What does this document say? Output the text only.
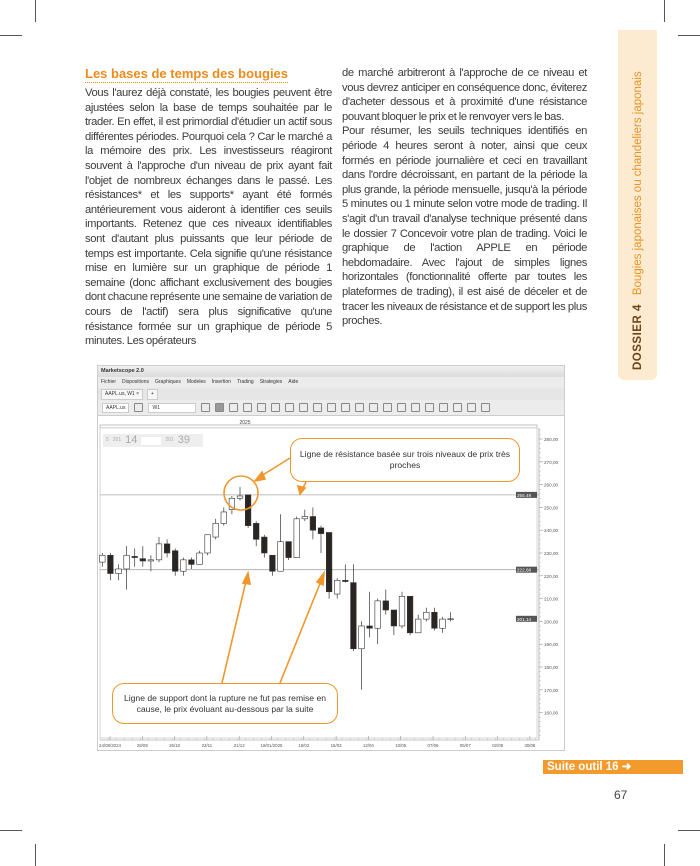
Les bases de temps des bougies

Vous l'aurez déjà constaté, les bougies peuvent être ajustées selon la base de temps souhaitée par le trader. En effet, il est primordial d'étudier un actif sous différentes périodes. Pourquoi cela ? Car le marché a la mémoire des prix. Les investisseurs réagiront souvent à l'approche d'un niveau de prix ayant fait l'objet de nombreux échanges dans le passé. Les résistances* et les supports* ayant été formés antérieurement vous aideront à identifier ces seuils importants. Retenez que ces niveaux identifiables sont d'autant plus puissants que leur période de temps est importante. Cela signifie qu'une résistance mise en lumière sur un graphique de période 1 semaine (donc affichant exclusivement des bougies dont chacune représente une semaine de variation de cours de l'actif) sera plus significative qu'une résistance formée sur un graphique de période 5 minutes. Les opérateurs

de marché arbitreront à l'approche de ce niveau et vous devrez anticiper en conséquence donc, éviterez d'acheter dessous et à proximité d'une résistance pouvant bloquer le prix et le renvoyer vers le bas.

Pour résumer, les seuils techniques identifiés en période 4 heures seront à noter, ainsi que ceux formés en période journalière et ceci en travaillant dans l'ordre décroissant, en partant de la période la plus grande, la période mensuelle, jusqu'à la période 5 minutes ou 1 minute selon votre mode de trading. Il s'agit d'un travail d'analyse technique présenté dans le dossier 7 Concevoir votre plan de trading. Voici le graphique de l'action APPLE en période hebdomadaire. Avec l'ajout de simples lignes horizontales (fonctionnalité offerte par toutes les plateformes de trading), il est aisé de déceler et de tracer les niveaux de résistance et de support les plus proches.	DOSSIER 4
Bougies japonaises ou chandeliers japonais
Marketscope 2.0
Fichier Dispositions Graphiques Modeles Insertion Trading Strategies Aide
AAPL.us, W1 ×	+
AAPL.us	W1
280,00
270,00
260,00
250,00
240,00
230,00
220,00
210,00
200,00
190,00
180,00
170,00
160,00
24/08/2024	28/09	26/10	23/11	21/12	18/01/2025	15/02	15/03	12/04	10/05	07/06	05/07	02/08	30/08
255,49
222,68
201,14
2025
5 201 14	201 39
Ligne de résistance basée sur trois niveaux de prix très proches
Ligne de support dont la rupture ne fut pas remise en cause, le prix évoluant au-dessous par la suite
Suite outil 16 ➜
67
